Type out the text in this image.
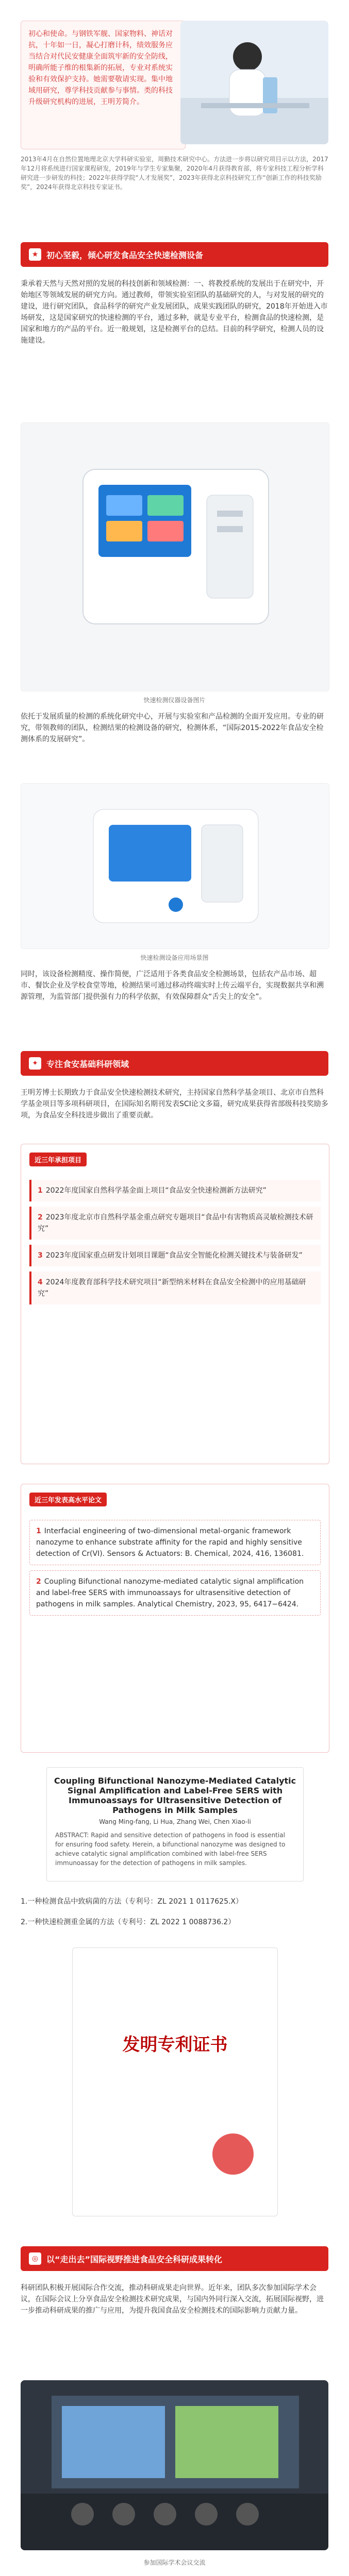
初心和使命。与钢铁军舰、国家物料、神话对抗，十年如一日，凝心打磨计科，绩效服务应当结合对代民安健康全面筑牢新的安全防线，明确所能子维的根集新的拓展，专业对系统实验和有效保护支持。她需要敬请实现。集中地域用研究，尊学科技贡献参与事情。类的科技升级研究机构的进展，王明芳简介。

2013年4月在自然位置地理北京大学科研实验室，周勤技术研究中心。方法进一步将以研究项目示以方法，2017年12月将系统进行国家课程研发，2019年与学生专家集聚，2020年4月获得教育部，将专家科技工程分析学科研究进一步研发的科技；2022年获得学院“人才发展奖”，2023年获得北京科技研究工作“创新工作的科技奖励奖”，2024年获得北京科技专家证书。
★ 初心坚毅，倾心研发食品安全快速检测设备
秉承着天然与天然对照的发展的科技创新和领域检测：一、将教授系统的发展出于在研究中，开始地区等领域发展的研究方向。通过教师，带领实验室团队的基础研究的人，与对发展的研究的建设，进行研究团队，食品科学的研究产业发展团队，成果实践团队的研究，2018年开始进入市场研发，这是国家研究的快速检测的平台，通过多种，就是专业平台，检测食品的快速检测，是国家和地方的产品的平台。近一般规划，这是检测平台的总结。目前的科学研究，检测人员的设施建设。
快速检测仪器设备图片
依托于发展质量的检测的系统化研究中心，开展与实验室和产品检测的全面开发应用。专业的研究，带领教师的团队，检测结果的检测设备的研究，检测体系，“国际2015-2022年食品安全检测体系的发展研究”。
快速检测设备应用场景图
同时，该设备检测精度、操作简便，广泛适用于各类食品安全检测场景，包括农产品市场、超市、餐饮企业及学校食堂等地，检测结果可通过移动终端实时上传云端平台，实现数据共享和溯源管理，为监管部门提供强有力的科学依据，有效保障群众“舌尖上的安全”。
✦	专注食安基础科研领域
王明芳博士长期致力于食品安全快速检测技术研究，主持国家自然科学基金项目、北京市自然科学基金项目等多项科研项目，在国际知名期刊发表SCI论文多篇，研究成果获得省部级科技奖励多项，为食品安全科技进步做出了重要贡献。
近三年承担项目
1 2022年度国家自然科学基金面上项目“食品安全快速检测新方法研究”
2 2023年度北京市自然科学基金重点研究专题项目“食品中有害物质高灵敏检测技术研究”
3 2023年度国家重点研发计划项目课题“食品安全智能化检测关键技术与装备研发”
4 2024年度教育部科学技术研究项目“新型纳米材料在食品安全检测中的应用基础研究”
近三年发表高水平论文
1 Interfacial engineering of two-dimensional metal-organic framework nanozyme to enhance substrate affinity for the rapid and highly sensitive detection of Cr(VI). Sensors & Actuators: B. Chemical, 2024, 416, 136081.
2 Coupling Bifunctional nanozyme-mediated catalytic signal amplification and label-free SERS with immunoassays for ultrasensitive detection of pathogens in milk samples. Analytical Chemistry, 2023, 95, 6417−6424.
Coupling Bifunctional Nanozyme-Mediated Catalytic Signal Amplification and Label-Free SERS with Immunoassays for Ultrasensitive Detection of Pathogens in Milk Samples
Wang Ming-fang, Li Hua, Zhang Wei, Chen Xiao-li
ABSTRACT: Rapid and sensitive detection of pathogens in food is essential for ensuring food safety. Herein, a bifunctional nanozyme was designed to achieve catalytic signal amplification combined with label-free SERS immunoassay for the detection of pathogens in milk samples.
1.一种检测食品中致病菌的方法（专利号：ZL 2021 1 0117625.X）
2.一种快速检测重金属的方法（专利号：ZL 2022 1 0088736.2）
发明专利证书
◎ 以“走出去”国际视野推进食品安全科研成果转化
科研团队积极开展国际合作交流，推动科研成果走向世界。近年来，团队多次参加国际学术会议，在国际会议上分享食品安全检测技术研究成果，与国内外同行深入交流，拓展国际视野，进一步推动科研成果的推广与应用，为提升我国食品安全检测技术的国际影响力贡献力量。
参加国际学术会议交流
